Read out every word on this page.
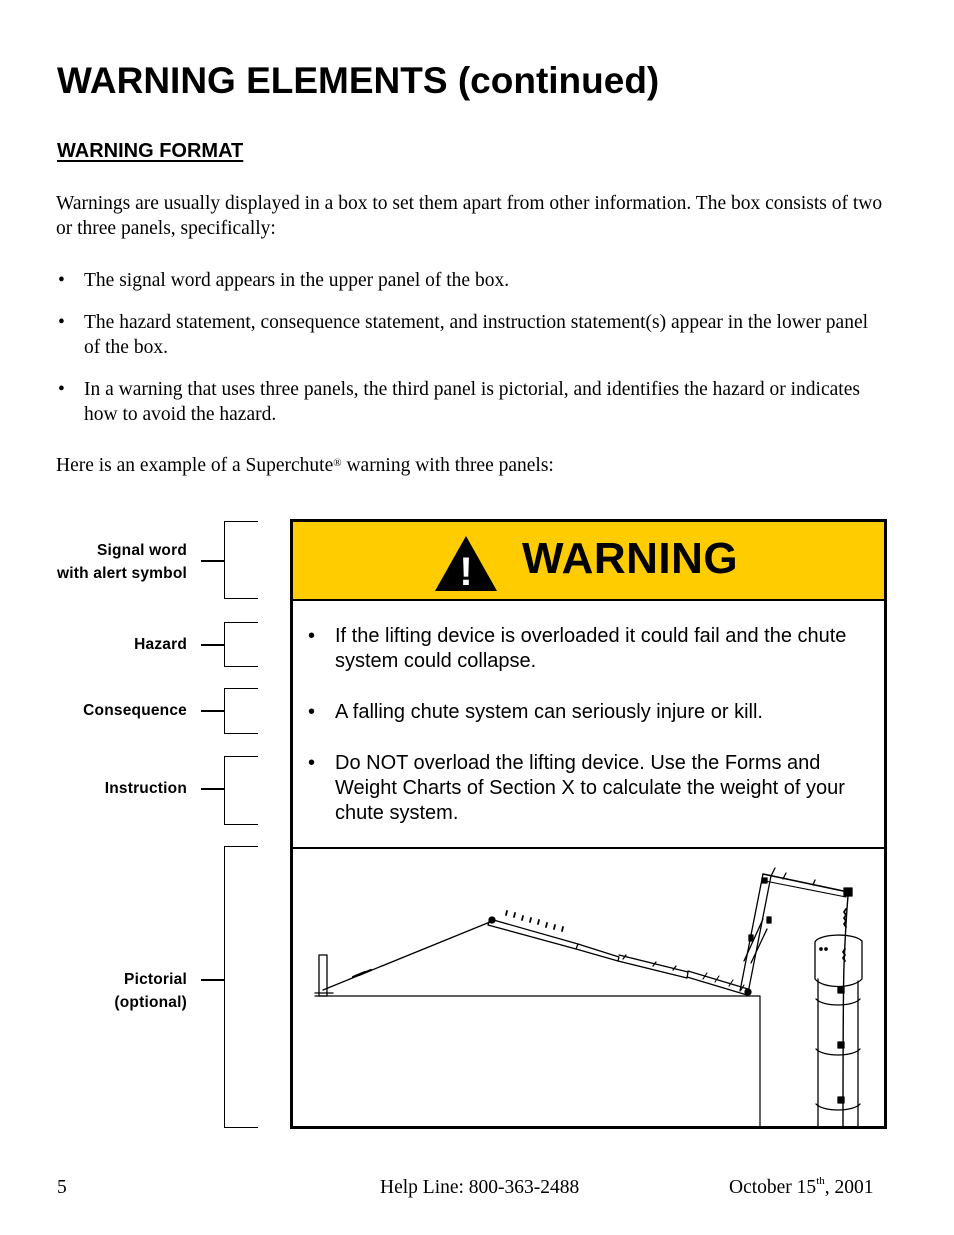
WARNING ELEMENTS (continued)
WARNING FORMAT

Warnings are usually displayed in a box to set them apart from other information. The box consists of two or three panels, specifically:

• The signal word appears in the upper panel of the box.
• The hazard statement, consequence statement, and instruction statement(s) appear in the lower panel of the box.
• In a warning that uses three panels, the third panel is pictorial, and identifies the hazard or indicates how to avoid the hazard.

Here is an example of a Superchute® warning with three panels:

Signal word
with alert symbol
Hazard
Consequence
Instruction
Pictorial
(optional)
! WARNING
• If the lifting device is overloaded it could fail and the chute system could collapse.
• A falling chute system can seriously injure or kill.
• Do NOT overload the lifting device. Use the Forms and Weight Charts of Section X to calculate the weight of your chute system.
5	Help Line: 800-363-2488	October 15th, 2001
